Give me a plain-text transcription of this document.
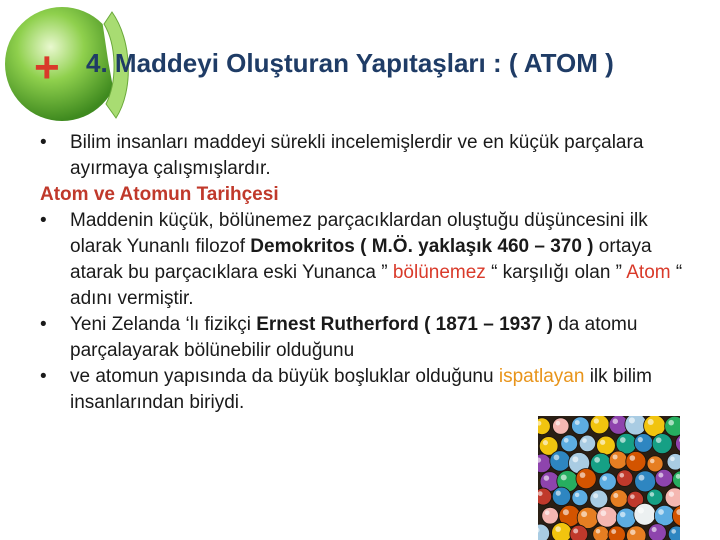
+ 4. Maddeyi Oluşturan Yapıtaşları : ( ATOM )
• Bilim insanları maddeyi sürekli incelemişlerdir ve en küçük parçalara ayırmaya çalışmışlardır.

Atom ve Atomun Tarihçesi

• Maddenin küçük, bölünemez parçacıklardan oluştuğu düşüncesini ilk olarak Yunanlı filozof Demokritos ( M.Ö. yaklaşık 460 – 370 ) ortaya atarak bu parçacıklara eski Yunanca ” bölünemez “ karşılığı olan ” Atom “ adını vermiştir.
• Yeni Zelanda ‘lı fizikçi Ernest Rutherford ( 1871 – 1937 ) da atomu parçalayarak bölünebilir olduğunu
• ve atomun yapısında da büyük boşluklar olduğunu ispatlayan ilk bilim insanlarından biriydi.
